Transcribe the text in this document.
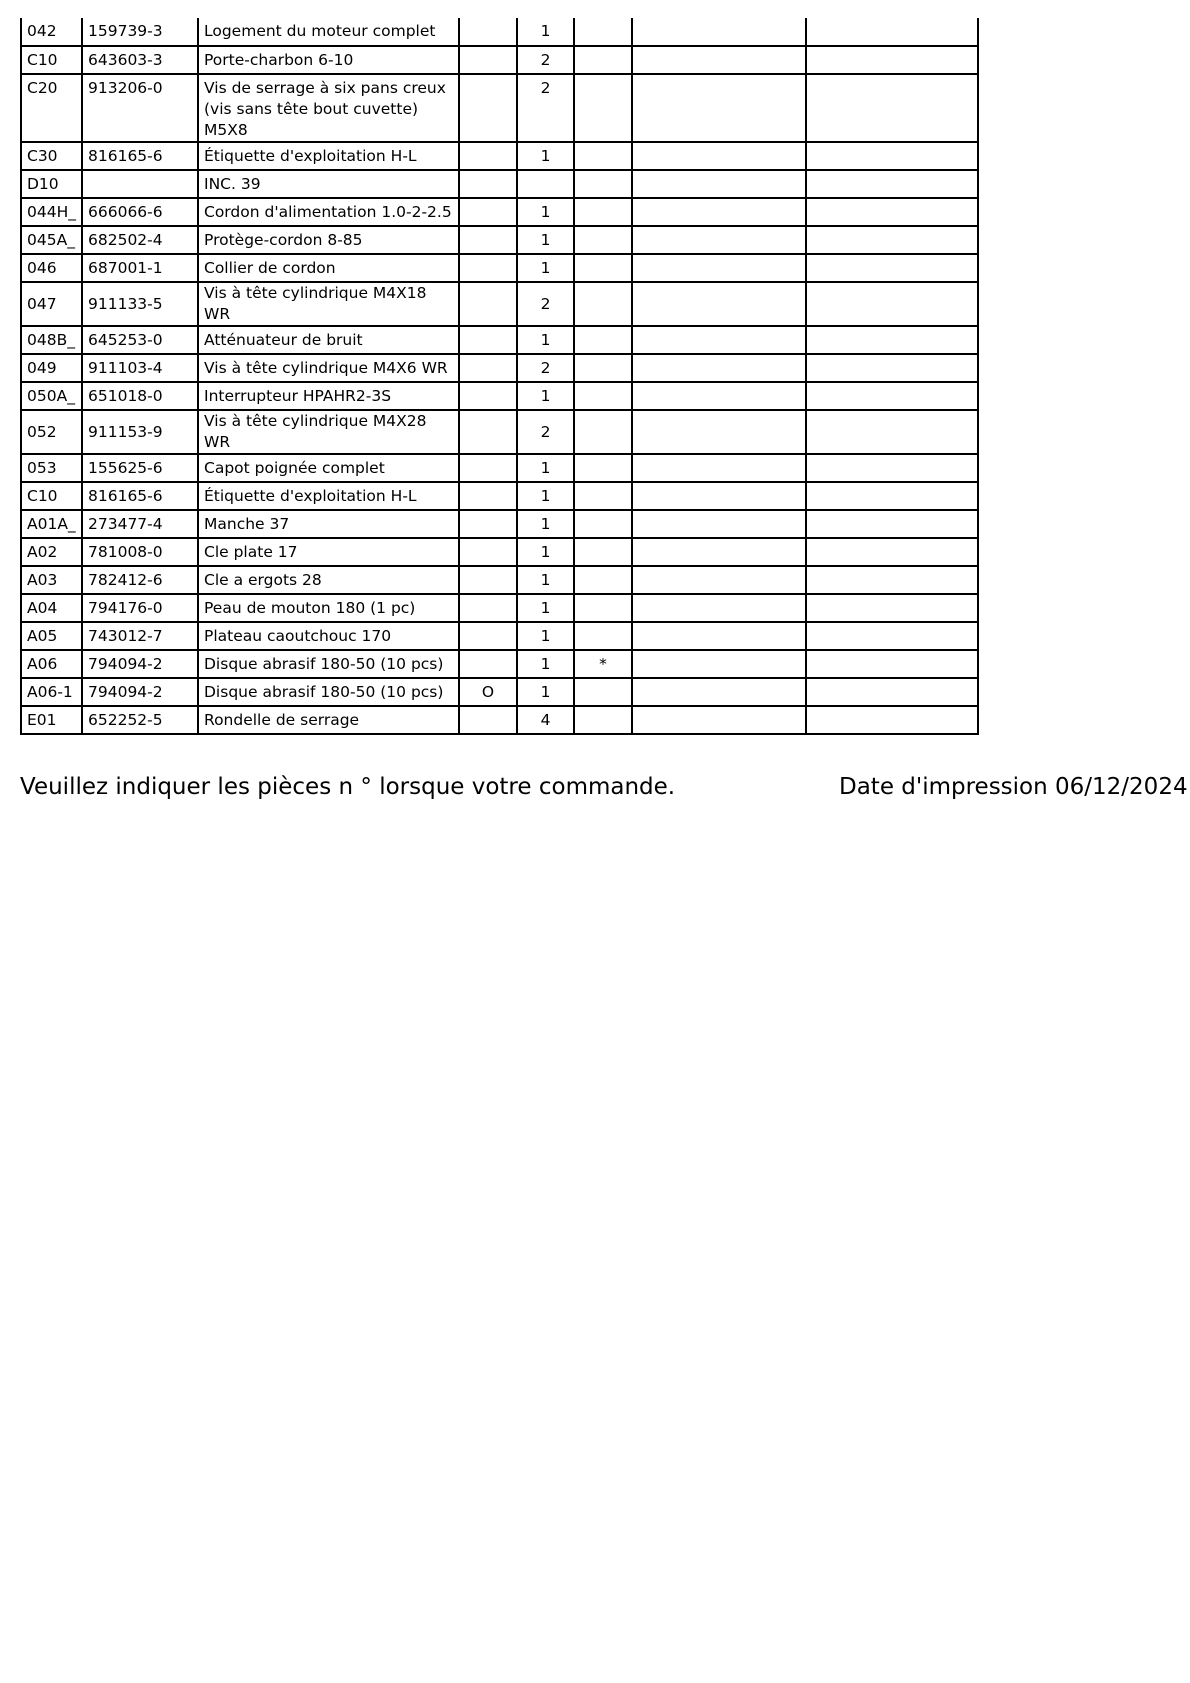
042	159739-3	Logement du moteur complet		1			
C10	643603-3	Porte-charbon 6-10		2			
C20	913206-0	Vis de serrage à six pans creux (vis sans tête bout cuvette) M5X8		2			
C30	816165-6	Étiquette d'exploitation H-L		1			
D10		INC. 39					
044H_	666066-6	Cordon d'alimentation 1.0-2-2.5		1			
045A_	682502-4	Protège-cordon 8-85		1			
046	687001-1	Collier de cordon		1			
047	911133-5	Vis à tête cylindrique M4X18 WR		2			
048B_	645253-0	Atténuateur de bruit		1			
049	911103-4	Vis à tête cylindrique M4X6 WR		2			
050A_	651018-0	Interrupteur HPAHR2-3S		1			
052	911153-9	Vis à tête cylindrique M4X28 WR		2			
053	155625-6	Capot poignée complet		1			
C10	816165-6	Étiquette d'exploitation H-L		1			
A01A_	273477-4	Manche 37		1			
A02	781008-0	Cle plate 17		1			
A03	782412-6	Cle a ergots 28		1			
A04	794176-0	Peau de mouton 180 (1 pc)		1			
A05	743012-7	Plateau caoutchouc 170		1			
A06	794094-2	Disque abrasif 180-50 (10 pcs)		1	*		
A06-1	794094-2	Disque abrasif 180-50 (10 pcs)	O	1			
E01	652252-5	Rondelle de serrage		4			
Veuillez indiquer les pièces n ° lorsque votre commande.	Date d'impression 06/12/2024
